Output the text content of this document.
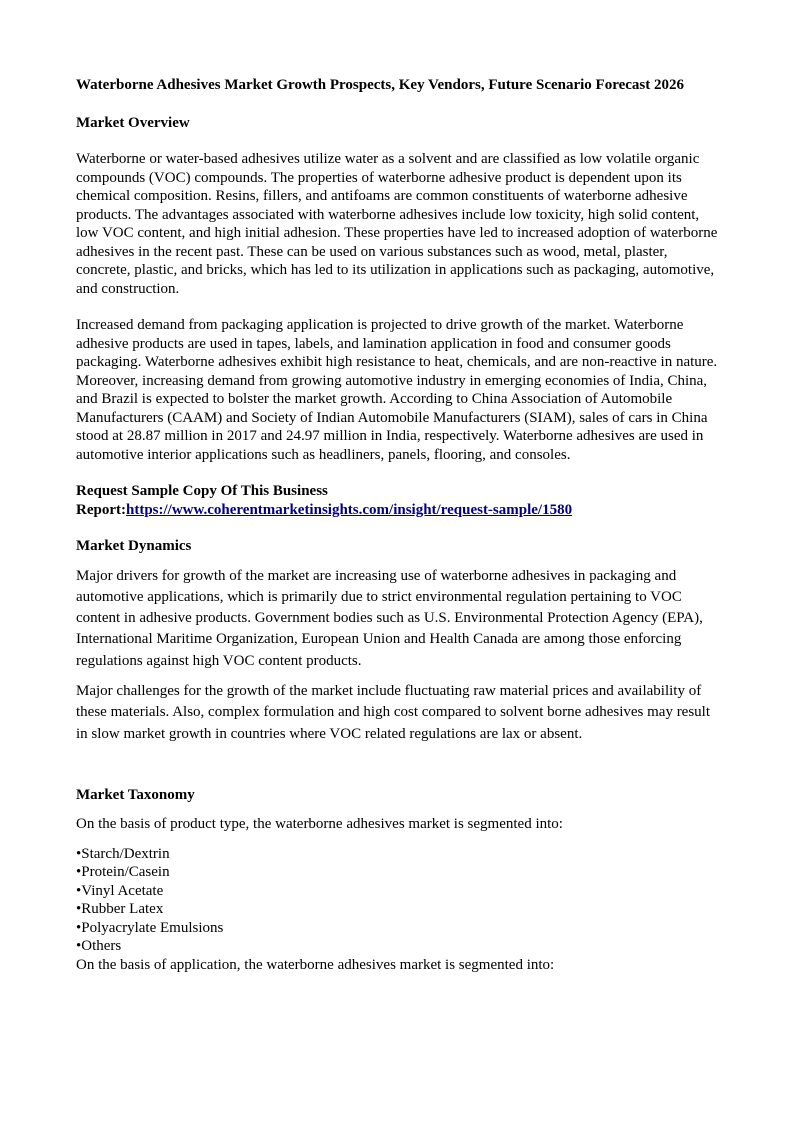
Waterborne Adhesives Market Growth Prospects, Key Vendors, Future Scenario Forecast 2026

Market Overview

Waterborne or water-based adhesives utilize water as a solvent and are classified as low volatile organic compounds (VOC) compounds. The properties of waterborne adhesive product is dependent upon its chemical composition. Resins, fillers, and antifoams are common constituents of waterborne adhesive products. The advantages associated with waterborne adhesives include low toxicity, high solid content, low VOC content, and high initial adhesion. These properties have led to increased adoption of waterborne adhesives in the recent past. These can be used on various substances such as wood, metal, plaster, concrete, plastic, and bricks, which has led to its utilization in applications such as packaging, automotive, and construction.

Increased demand from packaging application is projected to drive growth of the market. Waterborne adhesive products are used in tapes, labels, and lamination application in food and consumer goods packaging. Waterborne adhesives exhibit high resistance to heat, chemicals, and are non-reactive in nature. Moreover, increasing demand from growing automotive industry in emerging economies of India, China, and Brazil is expected to bolster the market growth. According to China Association of Automobile Manufacturers (CAAM) and Society of Indian Automobile Manufacturers (SIAM), sales of cars in China stood at 28.87 million in 2017 and 24.97 million in India, respectively. Waterborne adhesives are used in automotive interior applications such as headliners, panels, flooring, and consoles.

Request Sample Copy Of This Business
Report:https://www.coherentmarketinsights.com/insight/request-sample/1580

Market Dynamics

Major drivers for growth of the market are increasing use of waterborne adhesives in packaging and automotive applications, which is primarily due to strict environmental regulation pertaining to VOC content in adhesive products. Government bodies such as U.S. Environmental Protection Agency (EPA), International Maritime Organization, European Union and Health Canada are among those enforcing regulations against high VOC content products.

Major challenges for the growth of the market include fluctuating raw material prices and availability of these materials. Also, complex formulation and high cost compared to solvent borne adhesives may result in slow market growth in countries where VOC related regulations are lax or absent.

Market Taxonomy

On the basis of product type, the waterborne adhesives market is segmented into:

• Starch/Dextrin
• Protein/Casein
• Vinyl Acetate
• Rubber Latex
• Polyacrylate Emulsions
• Others

On the basis of application, the waterborne adhesives market is segmented into:
